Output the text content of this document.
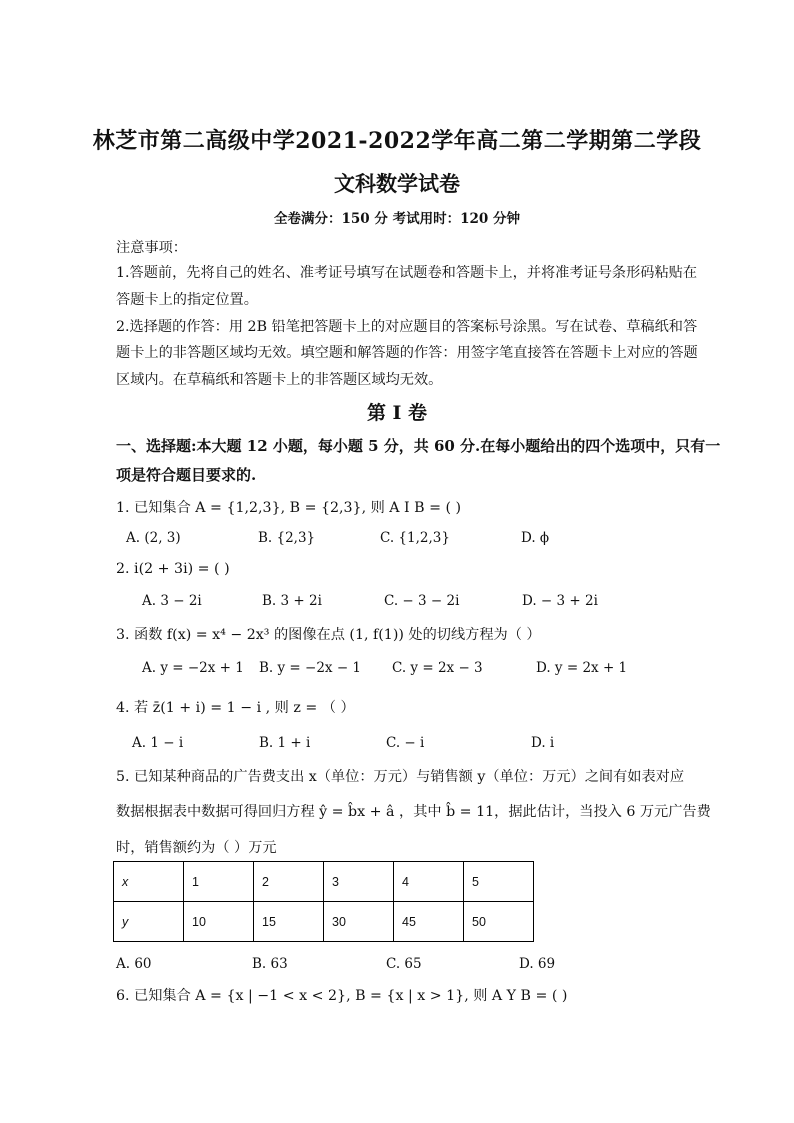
林芝市第二高级中学2021-2022学年高二第二学期第二学段
文科数学试卷
全卷满分：150 分 考试用时：120 分钟
注意事项：
1.答题前，先将自己的姓名、准考证号填写在试题卷和答题卡上，并将准考证号条形码粘贴在
答题卡上的指定位置。
2.选择题的作答：用 2B 铅笔把答题卡上的对应题目的答案标号涂黑。写在试卷、草稿纸和答
题卡上的非答题区域均无效。填空题和解答题的作答：用签字笔直接答在答题卡上对应的答题
区域内。在草稿纸和答题卡上的非答题区域均无效。
第 I 卷
一、选择题:本大题 12 小题，每小题 5 分，共 60 分.在每小题给出的四个选项中，只有一
项是符合题目要求的.
1. 已知集合 A = {1,2,3}, B = {2,3}, 则 A I B = ( )
A. (2, 3)	B. {2,3}	C. {1,2,3}	D. ϕ
2. i(2 + 3i) = ( )
A. 3 − 2i	B. 3 + 2i	C. − 3 − 2i	D. − 3 + 2i
3. 函数 f(x) = x⁴ − 2x³ 的图像在点 (1, f(1)) 处的切线方程为（ ）
A. y = −2x + 1 B. y = −2x − 1 C. y = 2x − 3	D. y = 2x + 1
4. 若 z̄(1 + i) = 1 − i , 则 z = （ ）
A. 1 − i	B. 1 + i	C. − i	D. i
5. 已知某种商品的广告费支出 x（单位：万元）与销售额 y（单位：万元）之间有如表对应
数据根据表中数据可得回归方程 ŷ = b̂x + â ，其中 b̂ = 11，据此估计，当投入 6 万元广告费
时，销售额约为（ ）万元
x	1	2	3	4	5
y	10	15	30	45	50
A. 60	B. 63	C. 65	D. 69
6. 已知集合 A = {x | −1 < x < 2}, B = {x | x > 1}, 则 A Y B = ( )
